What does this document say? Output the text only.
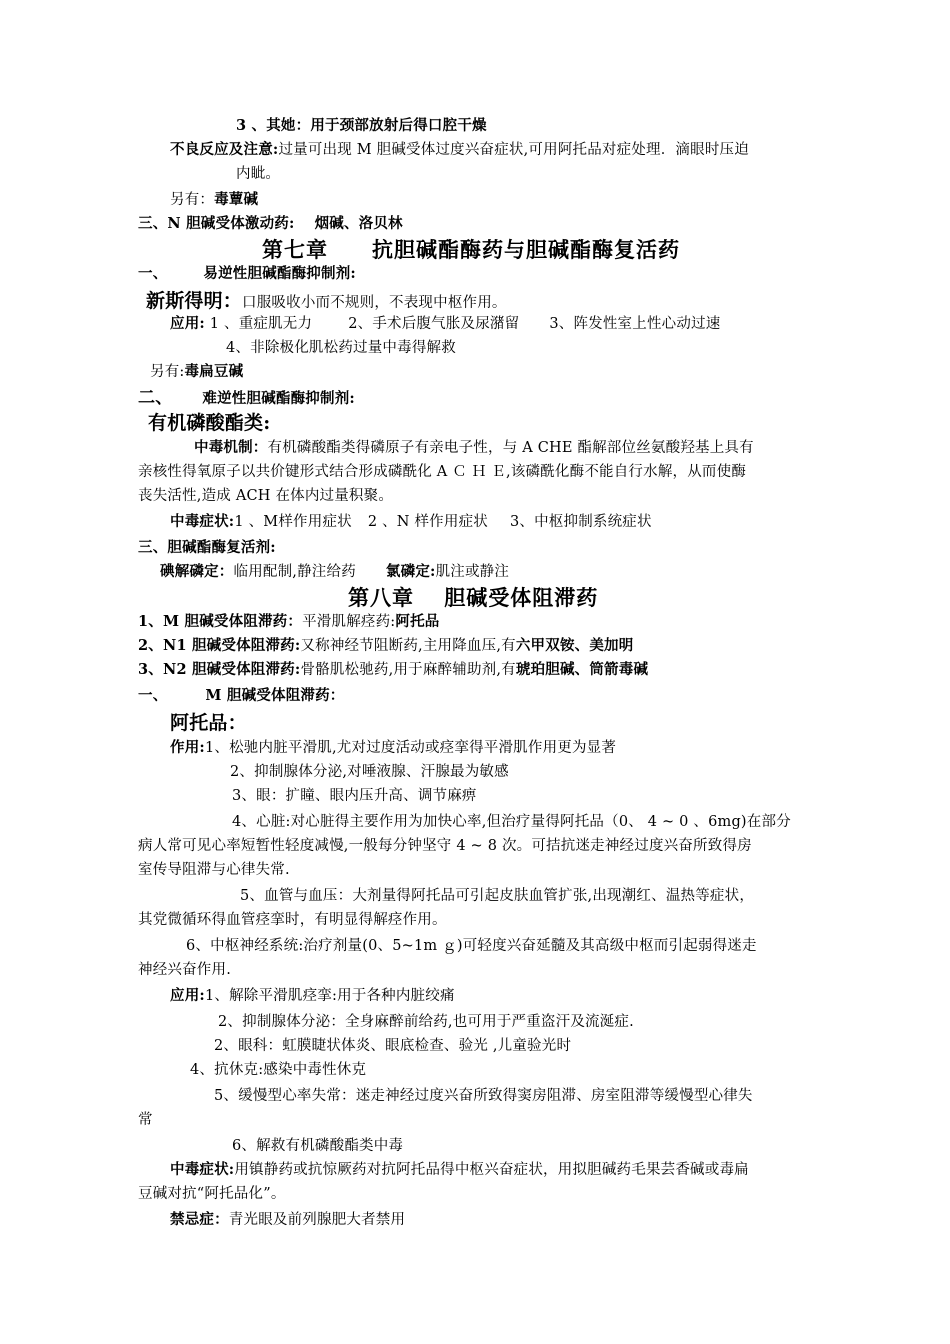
3 、其她：用于颈部放射后得口腔干燥
不良反应及注意:过量可出现 M 胆碱受体过度兴奋症状,可用阿托品对症处理．滴眼时压迫
内眦。
另有：毒蕈碱
三、N 胆碱受体激动药: 烟碱、洛贝林
第七章　　抗胆碱酯酶药与胆碱酯酶复活药
一、 易逆性胆碱酯酶抑制剂:
新斯得明：口服吸收小而不规则，不表现中枢作用。
应用: 1 、重症肌无力 2、手术后腹气胀及尿潴留 3、阵发性室上性心动过速
4、非除极化肌松药过量中毒得解救
另有:毒扁豆碱
二、 难逆性胆碱酯酶抑制剂:
有机磷酸酯类:
中毒机制：有机磷酸酯类得磷原子有亲电子性，与 A CHE 酯解部位丝氨酸羟基上具有
亲核性得氧原子以共价键形式结合形成磷酰化 A Ｃ Ｈ Ｅ,该磷酰化酶不能自行水解，从而使酶
丧失活性,造成 ACH 在体内过量积聚。
中毒症状:1 、M样作用症状 2 、N 样作用症状 3、中枢抑制系统症状
三、胆碱酯酶复活剂:
碘解磷定：临用配制,静注给药 氯磷定:肌注或静注
第八章　 胆碱受体阻滞药
1、M 胆碱受体阻滞药：平滑肌解痉药:阿托品
2、N1 胆碱受体阻滞药:又称神经节阻断药,主用降血压,有六甲双铵、美加明
3、N2 胆碱受体阻滞药:骨骼肌松驰药,用于麻醉辅助剂,有琥珀胆碱、筒箭毒碱
一、	M 胆碱受体阻滞药：
阿托品：
作用:1、松驰内脏平滑肌,尤对过度活动或痉挛得平滑肌作用更为显著
2、抑制腺体分泌,对唾液腺、汗腺最为敏感
3、眼：扩瞳、眼内压升高、调节麻痹
4、心脏:对心脏得主要作用为加快心率,但治疗量得阿托品（0、 4 ~ 0 、6mg)在部分
病人常可见心率短暂性轻度减慢,一般每分钟坚守 4 ~ 8 次。可拮抗迷走神经过度兴奋所致得房
室传导阻滞与心律失常.
5、血管与血压：大剂量得阿托品可引起皮肤血管扩张,出现潮红、温热等症状，
其党微循环得血管痉挛时，有明显得解痉作用。
6、中枢神经系统:治疗剂量(0、5~1m ｇ)可轻度兴奋延髓及其高级中枢而引起弱得迷走
神经兴奋作用.
应用:1、解除平滑肌痉挛:用于各种内脏绞痛
2、抑制腺体分泌：全身麻醉前给药,也可用于严重盗汗及流涎症.
2、眼科：虹膜睫状体炎、眼底检查、验光 ,儿童验光时
4、抗休克:感染中毒性休克
5、缓慢型心率失常：迷走神经过度兴奋所致得窦房阻滞、房室阻滞等缓慢型心律失
常
6、解救有机磷酸酯类中毒
中毒症状:用镇静药或抗惊厥药对抗阿托品得中枢兴奋症状，用拟胆碱药毛果芸香碱或毒扁
豆碱对抗“阿托品化”。
禁忌症：青光眼及前列腺肥大者禁用
